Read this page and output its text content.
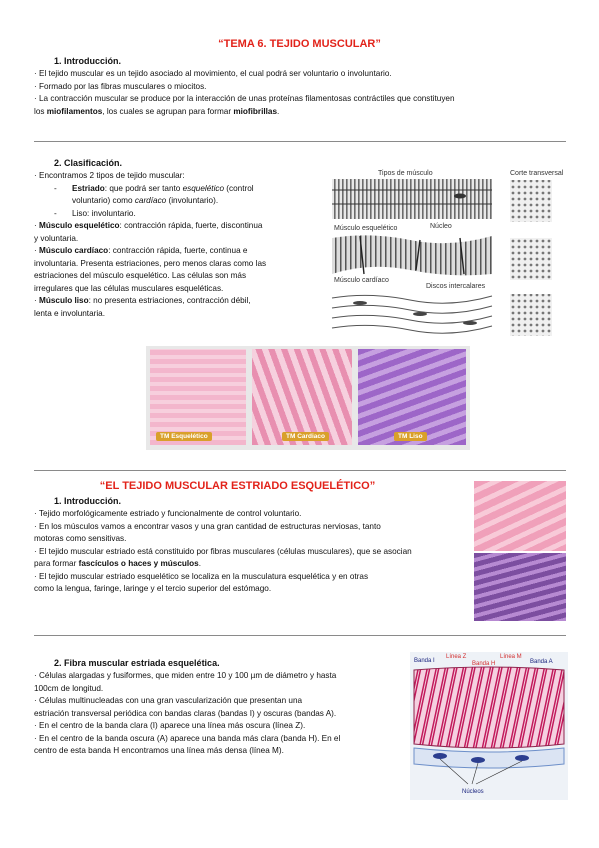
“TEMA 6. TEJIDO MUSCULAR”
1. Introducción.
· El tejido muscular es un tejido asociado al movimiento, el cual podrá ser voluntario o involuntario.
· Formado por las fibras musculares o miocitos.
· La contracción muscular se produce por la interacción de unas proteínas filamentosas contráctiles que constituyen
los miofilamentos, los cuales se agrupan para formar miofibrillas.
2. Clasificación.
· Encontramos 2 tipos de tejido muscular:
-	Estriado: que podrá ser tanto esquelético (control
voluntario) como cardíaco (involuntario).
-	Liso: involuntario.
· Músculo esquelético: contracción rápida, fuerte, discontinua
y voluntaria.
· Músculo cardíaco: contracción rápida, fuerte, continua e
involuntaria. Presenta estriaciones, pero menos claras como las
estriaciones del músculo esquelético. Las células son más
irregulares que las células musculares esqueléticas.
· Músculo liso: no presenta estriaciones, contracción débil,
lenta e involuntaria.
Tipos de músculo	Corte transversal
Núcleo
Músculo esquelético
Músculo cardíaco
Discos intercalares
TM Esquelético	TM Cardiaco	TM Liso
“EL TEJIDO MUSCULAR ESTRIADO ESQUELÉTICO”
1. Introducción.
· Tejido morfológicamente estriado y funcionalmente de control voluntario.
· En los músculos vamos a encontrar vasos y una gran cantidad de estructuras nerviosas, tanto
motoras como sensitivas.
· El tejido muscular estriado está constituido por fibras musculares (células musculares), que se asocian
para formar fascículos o haces y músculos.
· El tejido muscular estriado esquelético se localiza en la musculatura esquelética y en otras
como la lengua, faringe, laringe y el tercio superior del estómago.
2. Fibra muscular estriada esquelética.
· Células alargadas y fusiformes, que miden entre 10 y 100 µm de diámetro y hasta
100cm de longitud.
· Células multinucleadas con una gran vascularización que presentan una
estriación transversal periódica con bandas claras (bandas I) y oscuras (bandas A).
· En el centro de la banda clara (I) aparece una línea más oscura (línea Z).
· En el centro de la banda oscura (A) aparece una banda más clara (banda H). En el
centro de esta banda H encontramos una línea más densa (línea M).
Banda I
Línea Z
Banda H
Línea M
Banda A
Núcleos
